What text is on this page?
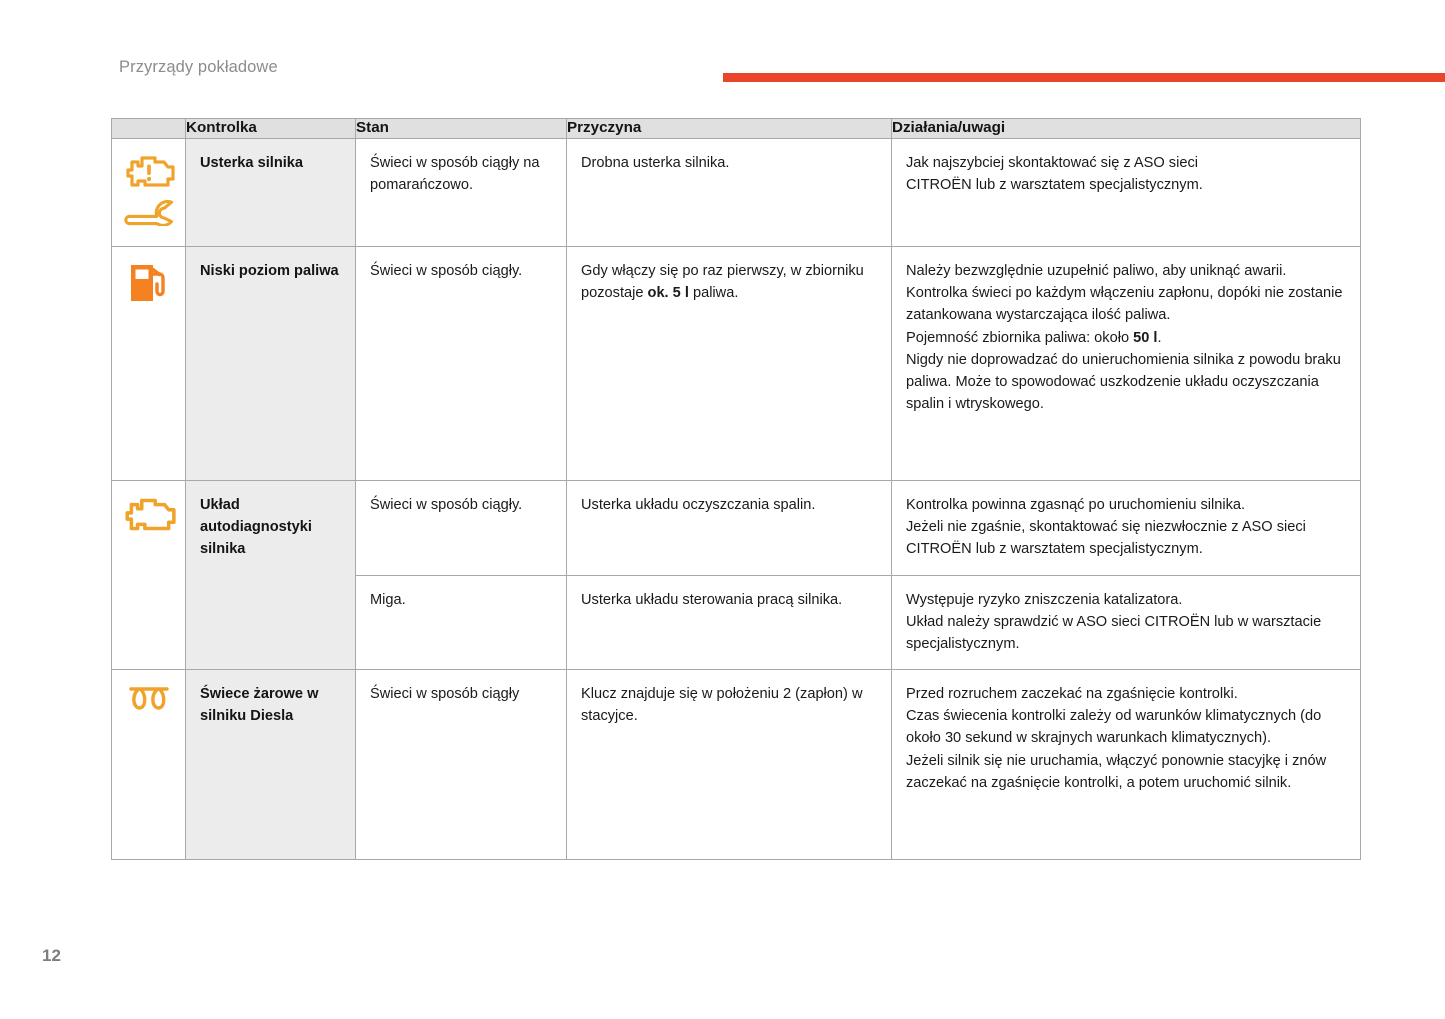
Przyrządy pokładowe
	Kontrolka	Stan	Przyczyna	Działania/uwagi

	Usterka silnika	Świeci w sposób ciągły na pomarańczowo.	Drobna usterka silnika.	Jak najszybciej skontaktować się z ASO sieci

CITROËN lub z warsztatem specjalistycznym.

	Niski poziom paliwa	Świeci w sposób ciągły.	Gdy włączy się po raz pierwszy, w zbiorniku pozostaje ok. 5 l paliwa.	Należy bezwzględnie uzupełnić paliwo, aby uniknąć awarii.

Kontrolka świeci po każdym włączeniu zapłonu, dopóki nie zostanie zatankowana wystarczająca ilość paliwa.

Pojemność zbiornika paliwa: około 50 l.

Nigdy nie doprowadzać do unieruchomienia silnika z powodu braku paliwa. Może to spowodować uszkodzenie układu oczyszczania spalin i wtryskowego.

	Układ autodiagnostyki silnika	Świeci w sposób ciągły.	Usterka układu oczyszczania spalin.	Kontrolka powinna zgasnąć po uruchomieniu silnika.

Jeżeli nie zgaśnie, skontaktować się niezwłocznie z ASO sieci CITROËN lub z warsztatem specjalistycznym.

		Miga.	Usterka układu sterowania pracą silnika.	Występuje ryzyko zniszczenia katalizatora.

Układ należy sprawdzić w ASO sieci CITROËN lub w warsztacie specjalistycznym.

	Świece żarowe w silniku Diesla	Świeci w sposób ciągły	Klucz znajduje się w położeniu 2 (zapłon) w stacyjce.	Przed rozruchem zaczekać na zgaśnięcie kontrolki.

Czas świecenia kontrolki zależy od warunków klimatycznych (do około 30 sekund w skrajnych warunkach klimatycznych).

Jeżeli silnik się nie uruchamia, włączyć ponownie stacyjkę i znów zaczekać na zgaśnięcie kontrolki, a potem uruchomić silnik.

12
